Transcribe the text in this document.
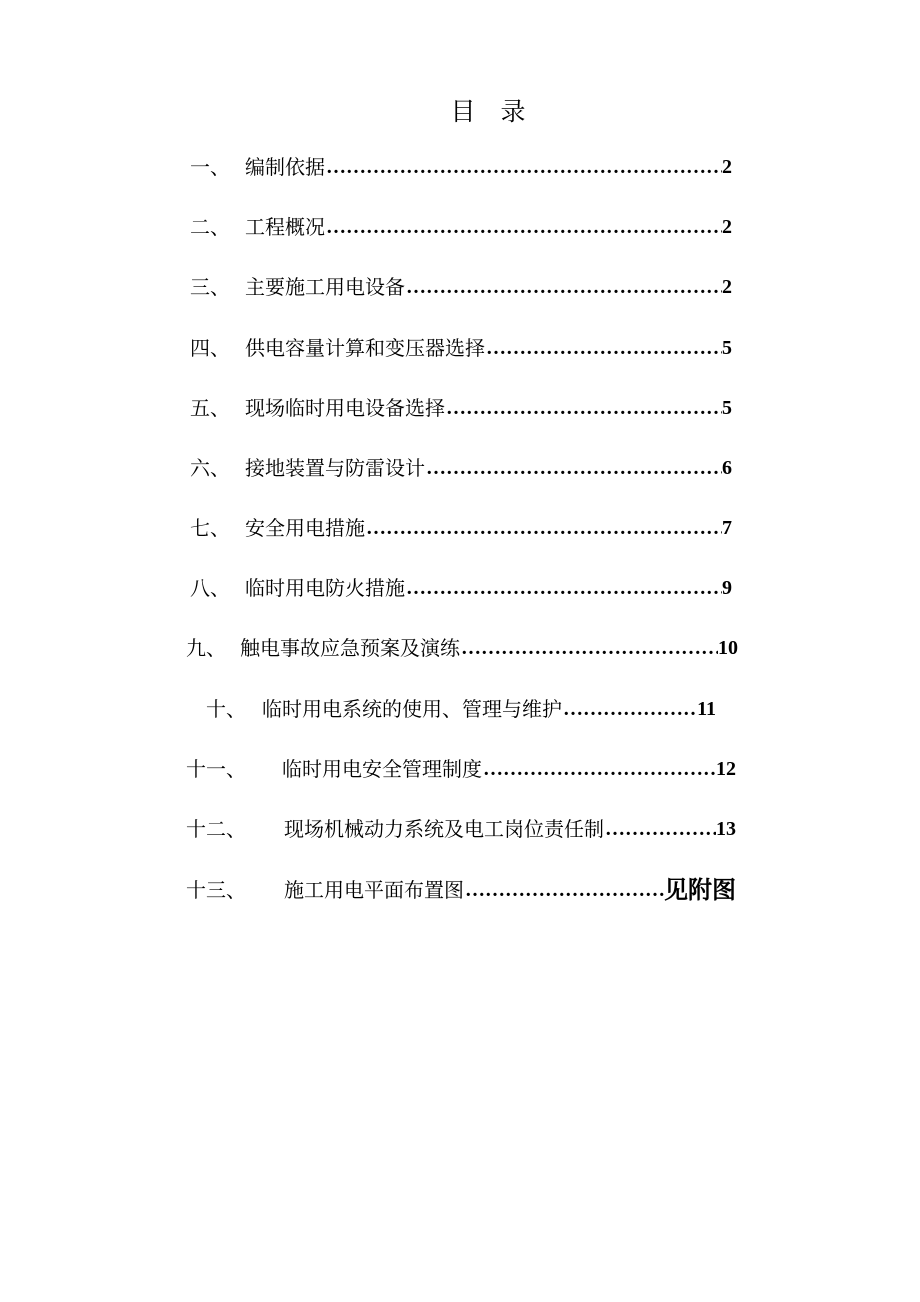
目　录
一、 编制依据 …………………………………………………………………………………………………………………………………………………	2
二、 工程概况 …………………………………………………………………………………………………………………………………………………	2
三、 主要施工用电设备 …………………………………………………………………………………………………………………………………………………	2
四、 供电容量计算和变压器选择 …………………………………………………………………………………………………………………………………………………	5
五、 现场临时用电设备选择 …………………………………………………………………………………………………………………………………………………	5
六、 接地装置与防雷设计 …………………………………………………………………………………………………………………………………………………	6
七、 安全用电措施 …………………………………………………………………………………………………………………………………………………	7
八、 临时用电防火措施 …………………………………………………………………………………………………………………………………………………	9
九、 触电事故应急预案及演练 …………………………………………………………………………………………………………………………………………………	10
十、 临时用电系统的使用、管理与维护 …………………………………………………………………………………………………………………………………………………	11
十一、	临时用电安全管理制度 …………………………………………………………………………………………………………………………………………………	12
十二、	现场机械动力系统及电工岗位责任制 …………………………………………………………………………………………………………………………………………………	13
十三、	施工用电平面布置图 …………………………………………………………………………………………………………………………………………………	见附图
